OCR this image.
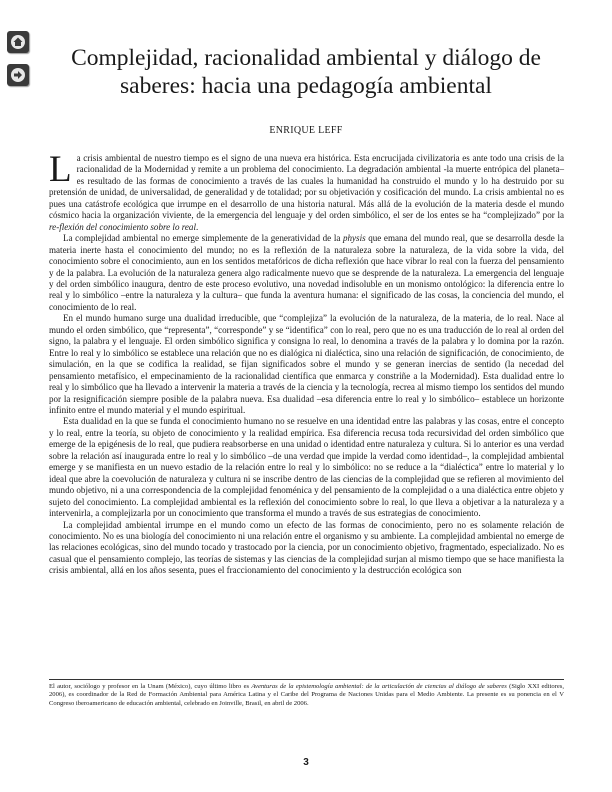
Complejidad, racionalidad ambiental y diálogo de saberes: hacia una pedagogía ambiental
ENRIQUE LEFF

La crisis ambiental de nuestro tiempo es el signo de una nueva era histórica. Esta encrucijada civilizatoria es ante todo una crisis de la racionalidad de la Modernidad y remite a un problema del conocimiento. La degradación ambiental -la muerte entrópica del planeta– es resultado de las formas de conocimiento a través de las cuales la humanidad ha construido el mundo y lo ha destruido por su pretensión de unidad, de universalidad, de generalidad y de totalidad; por su objetivación y cosificación del mundo. La crisis ambiental no es pues una catástrofe ecológica que irrumpe en el desarrollo de una historia natural. Más allá de la evolución de la materia desde el mundo cósmico hacia la organización viviente, de la emergencia del lenguaje y del orden simbólico, el ser de los entes se ha “complejizado” por la re-flexión del conocimiento sobre lo real.

La complejidad ambiental no emerge simplemente de la generatividad de la physis que emana del mundo real, que se desarrolla desde la materia inerte hasta el conocimiento del mundo; no es la reflexión de la naturaleza sobre la naturaleza, de la vida sobre la vida, del conocimiento sobre el conocimiento, aun en los sentidos metafóricos de dicha reflexión que hace vibrar lo real con la fuerza del pensamiento y de la palabra. La evolución de la naturaleza genera algo radicalmente nuevo que se desprende de la naturaleza. La emergencia del lenguaje y del orden simbólico inaugura, dentro de este proceso evolutivo, una novedad indisoluble en un monismo ontológico: la diferencia entre lo real y lo simbólico –entre la naturaleza y la cultura– que funda la aventura humana: el significado de las cosas, la conciencia del mundo, el conocimiento de lo real.

En el mundo humano surge una dualidad irreducible, que “complejiza” la evolución de la naturaleza, de la materia, de lo real. Nace al mundo el orden simbólico, que “representa”, “corresponde” y se “identifica” con lo real, pero que no es una traducción de lo real al orden del signo, la palabra y el lenguaje. El orden simbólico significa y consigna lo real, lo denomina a través de la palabra y lo domina por la razón. Entre lo real y lo simbólico se establece una relación que no es dialógica ni dialéctica, sino una relación de significación, de conocimiento, de simulación, en la que se codifica la realidad, se fijan significados sobre el mundo y se generan inercias de sentido (la necedad del pensamiento metafísico, el empecinamiento de la racionalidad científica que enmarca y constriñe a la Modernidad). Esta dualidad entre lo real y lo simbólico que ha llevado a intervenir la materia a través de la ciencia y la tecnología, recrea al mismo tiempo los sentidos del mundo por la resignificación siempre posible de la palabra nueva. Esa dualidad –esa diferencia entre lo real y lo simbólico– establece un horizonte infinito entre el mundo material y el mundo espiritual.

Esta dualidad en la que se funda el conocimiento humano no se resuelve en una identidad entre las palabras y las cosas, entre el concepto y lo real, entre la teoría, su objeto de conocimiento y la realidad empírica. Esa diferencia recusa toda recursividad del orden simbólico que emerge de la epigénesis de lo real, que pudiera reabsorberse en una unidad o identidad entre naturaleza y cultura. Si lo anterior es una verdad sobre la relación así inaugurada entre lo real y lo simbólico –de una verdad que impide la verdad como identidad–, la complejidad ambiental emerge y se manifiesta en un nuevo estadio de la relación entre lo real y lo simbólico: no se reduce a la “dialéctica” entre lo material y lo ideal que abre la coevolución de naturaleza y cultura ni se inscribe dentro de las ciencias de la complejidad que se refieren al movimiento del mundo objetivo, ni a una correspondencia de la complejidad fenoménica y del pensamiento de la complejidad o a una dialéctica entre objeto y sujeto del conocimiento. La complejidad ambiental es la reflexión del conocimiento sobre lo real, lo que lleva a objetivar a la naturaleza y a intervenirla, a complejizarla por un conocimiento que transforma el mundo a través de sus estrategias de conocimiento.

La complejidad ambiental irrumpe en el mundo como un efecto de las formas de conocimiento, pero no es solamente relación de conocimiento. No es una biología del conocimiento ni una relación entre el organismo y su ambiente. La complejidad ambiental no emerge de las relaciones ecológicas, sino del mundo tocado y trastocado por la ciencia, por un conocimiento objetivo, fragmentado, especializado. No es casual que el pensamiento complejo, las teorías de sistemas y las ciencias de la complejidad surjan al mismo tiempo que se hace manifiesta la crisis ambiental, allá en los años sesenta, pues el fraccionamiento del conocimiento y la destrucción ecológica son

El autor, sociólogo y profesor en la Unam (México), cuyo último libro es Aventuras de la epistemología ambiental: de la articulación de ciencias al diálogo de saberes (Siglo XXI editores, 2006), es coordinador de la Red de Formación Ambiental para América Latina y el Caribe del Programa de Naciones Unidas para el Medio Ambiente. La presente es su ponencia en el V Congreso iberoamericano de educación ambiental, celebrado en Joinville, Brasil, en abril de 2006.
3
